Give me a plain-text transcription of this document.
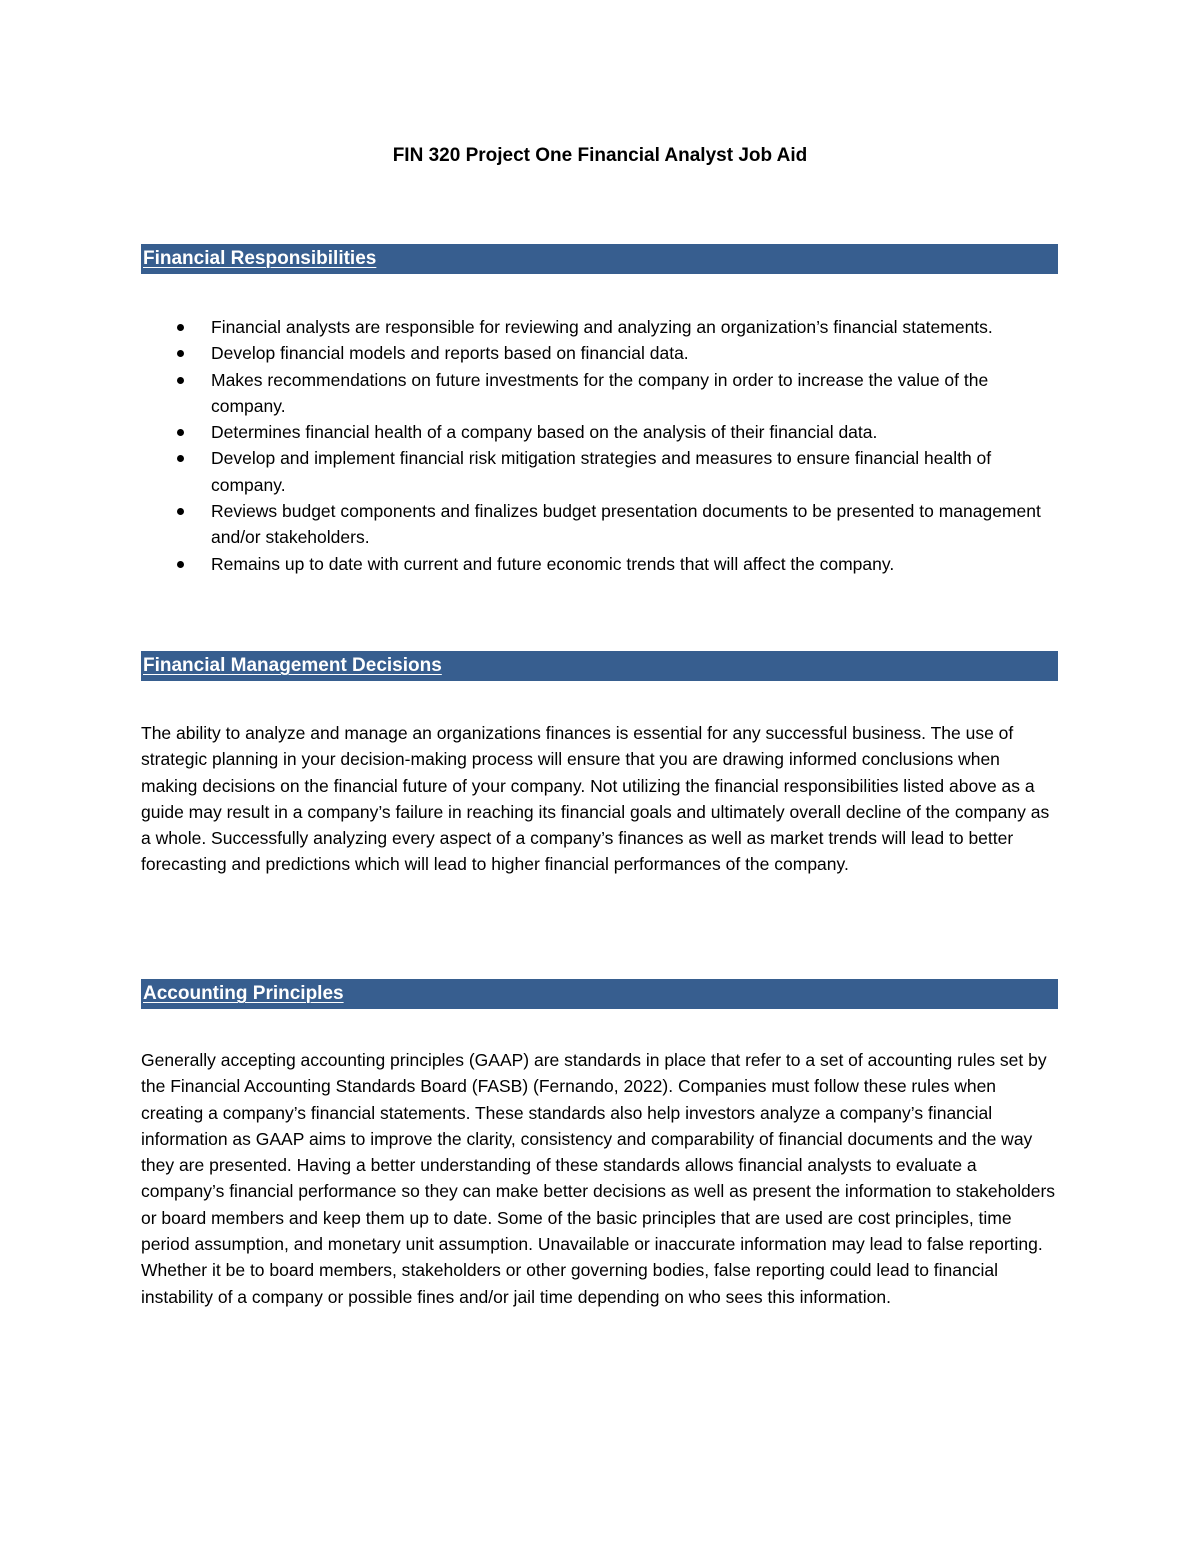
FIN 320 Project One Financial Analyst Job Aid
Financial Responsibilities
Financial analysts are responsible for reviewing and analyzing an organization’s financial statements.
Develop financial models and reports based on financial data.
Makes recommendations on future investments for the company in order to increase the value of the company.
Determines financial health of a company based on the analysis of their financial data.
Develop and implement financial risk mitigation strategies and measures to ensure financial health of company.
Reviews budget components and finalizes budget presentation documents to be presented to management and/or stakeholders.
Remains up to date with current and future economic trends that will affect the company.
Financial Management Decisions

The ability to analyze and manage an organizations finances is essential for any successful business. The use of strategic planning in your decision-making process will ensure that you are drawing informed conclusions when making decisions on the financial future of your company. Not utilizing the financial responsibilities listed above as a guide may result in a company’s failure in reaching its financial goals and ultimately overall decline of the company as a whole. Successfully analyzing every aspect of a company’s finances as well as market trends will lead to better forecasting and predictions which will lead to higher financial performances of the company.

Accounting Principles

Generally accepting accounting principles (GAAP) are standards in place that refer to a set of accounting rules set by the Financial Accounting Standards Board (FASB) (Fernando, 2022). Companies must follow these rules when creating a company’s financial statements. These standards also help investors analyze a company’s financial information as GAAP aims to improve the clarity, consistency and comparability of financial documents and the way they are presented. Having a better understanding of these standards allows financial analysts to evaluate a company’s financial performance so they can make better decisions as well as present the information to stakeholders or board members and keep them up to date. Some of the basic principles that are used are cost principles, time period assumption, and monetary unit assumption. Unavailable or inaccurate information may lead to false reporting. Whether it be to board members, stakeholders or other governing bodies, false reporting could lead to financial instability of a company or possible fines and/or jail time depending on who sees this information.
